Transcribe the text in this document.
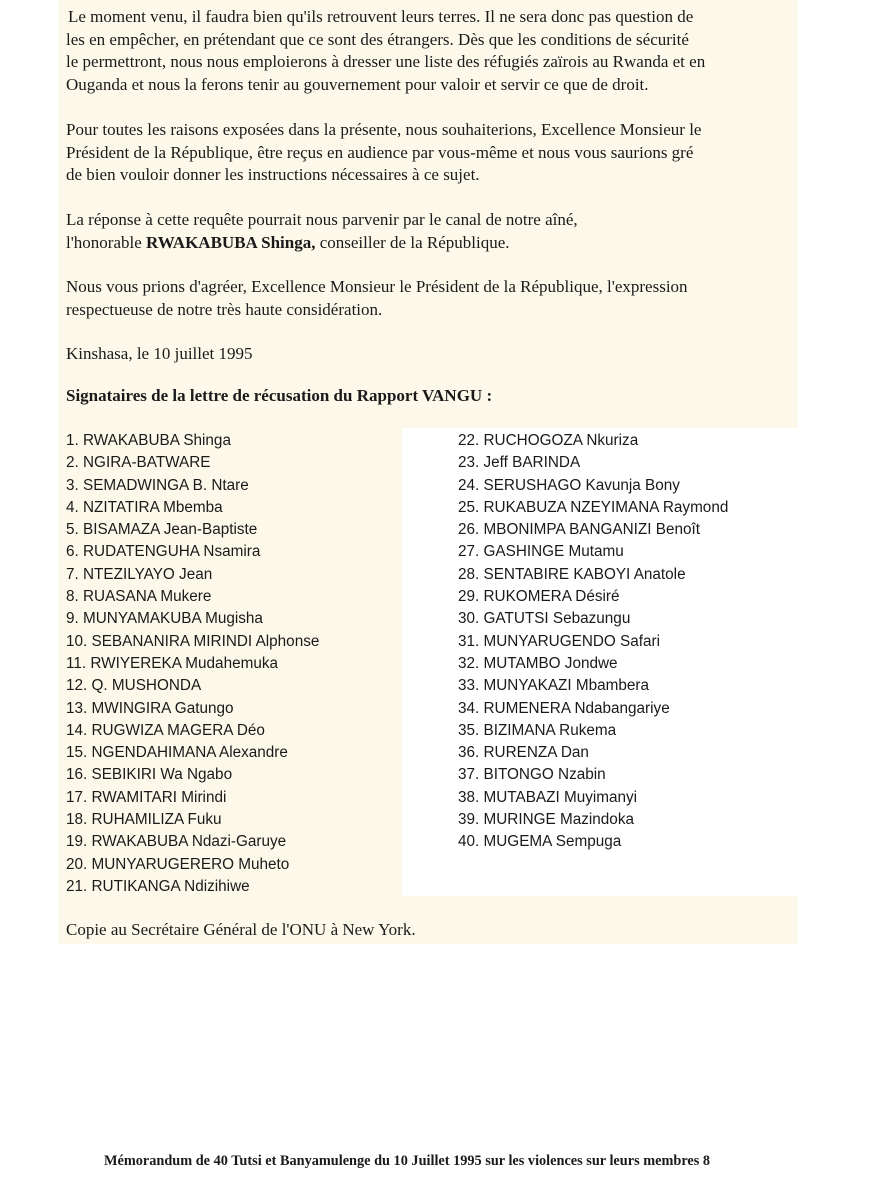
Le moment venu, il faudra bien qu'ils retrouvent leurs terres. Il ne sera donc pas question de
les en empêcher, en prétendant que ce sont des étrangers. Dès que les conditions de sécurité
le permettront, nous nous emploierons à dresser une liste des réfugiés zaïrois au Rwanda et en
Ouganda et nous la ferons tenir au gouvernement pour valoir et servir ce que de droit.
Pour toutes les raisons exposées dans la présente, nous souhaiterions, Excellence Monsieur le
Président de la République, être reçus en audience par vous-même et nous vous saurions gré
de bien vouloir donner les instructions nécessaires à ce sujet.
La réponse à cette requête pourrait nous parvenir par le canal de notre aîné,
l'honorable RWAKABUBA Shinga, conseiller de la République.
Nous vous prions d'agréer, Excellence Monsieur le Président de la République, l'expression
respectueuse de notre très haute considération.
Kinshasa, le 10 juillet 1995
Signataires de la lettre de récusation du Rapport VANGU :
1. RWAKABUBA Shinga
2. NGIRA-BATWARE
3. SEMADWINGA B. Ntare
4. NZITATIRA Mbemba
5. BISAMAZA Jean-Baptiste
6. RUDATENGUHA Nsamira
7. NTEZILYAYO Jean
8. RUASANA Mukere
9. MUNYAMAKUBA Mugisha
10. SEBANANIRA MIRINDI Alphonse
11. RWIYEREKA Mudahemuka
12. Q. MUSHONDA
13. MWINGIRA Gatungo
14. RUGWIZA MAGERA Déo
15. NGENDAHIMANA Alexandre
16. SEBIKIRI Wa Ngabo
17. RWAMITARI Mirindi
18. RUHAMILIZA Fuku
19. RWAKABUBA Ndazi-Garuye
20. MUNYARUGERERO Muheto
21. RUTIKANGA Ndizihiwe
22. RUCHOGOZA Nkuriza
23. Jeff BARINDA
24. SERUSHAGO Kavunja Bony
25. RUKABUZA NZEYIMANA Raymond
26. MBONIMPA BANGANIZI Benoît
27. GASHINGE Mutamu
28. SENTABIRE KABOYI Anatole
29. RUKOMERA Désiré
30. GATUTSI Sebazungu
31. MUNYARUGENDO Safari
32. MUTAMBO Jondwe
33. MUNYAKAZI Mbambera
34. RUMENERA Ndabangariye
35. BIZIMANA Rukema
36. RURENZA Dan
37. BITONGO Nzabin
38. MUTABAZI Muyimanyi
39. MURINGE Mazindoka
40. MUGEMA Sempuga
Copie au Secrétaire Général de l'ONU à New York.
Mémorandum de 40 Tutsi et Banyamulenge du 10 Juillet 1995 sur les violences sur leurs membres 8
